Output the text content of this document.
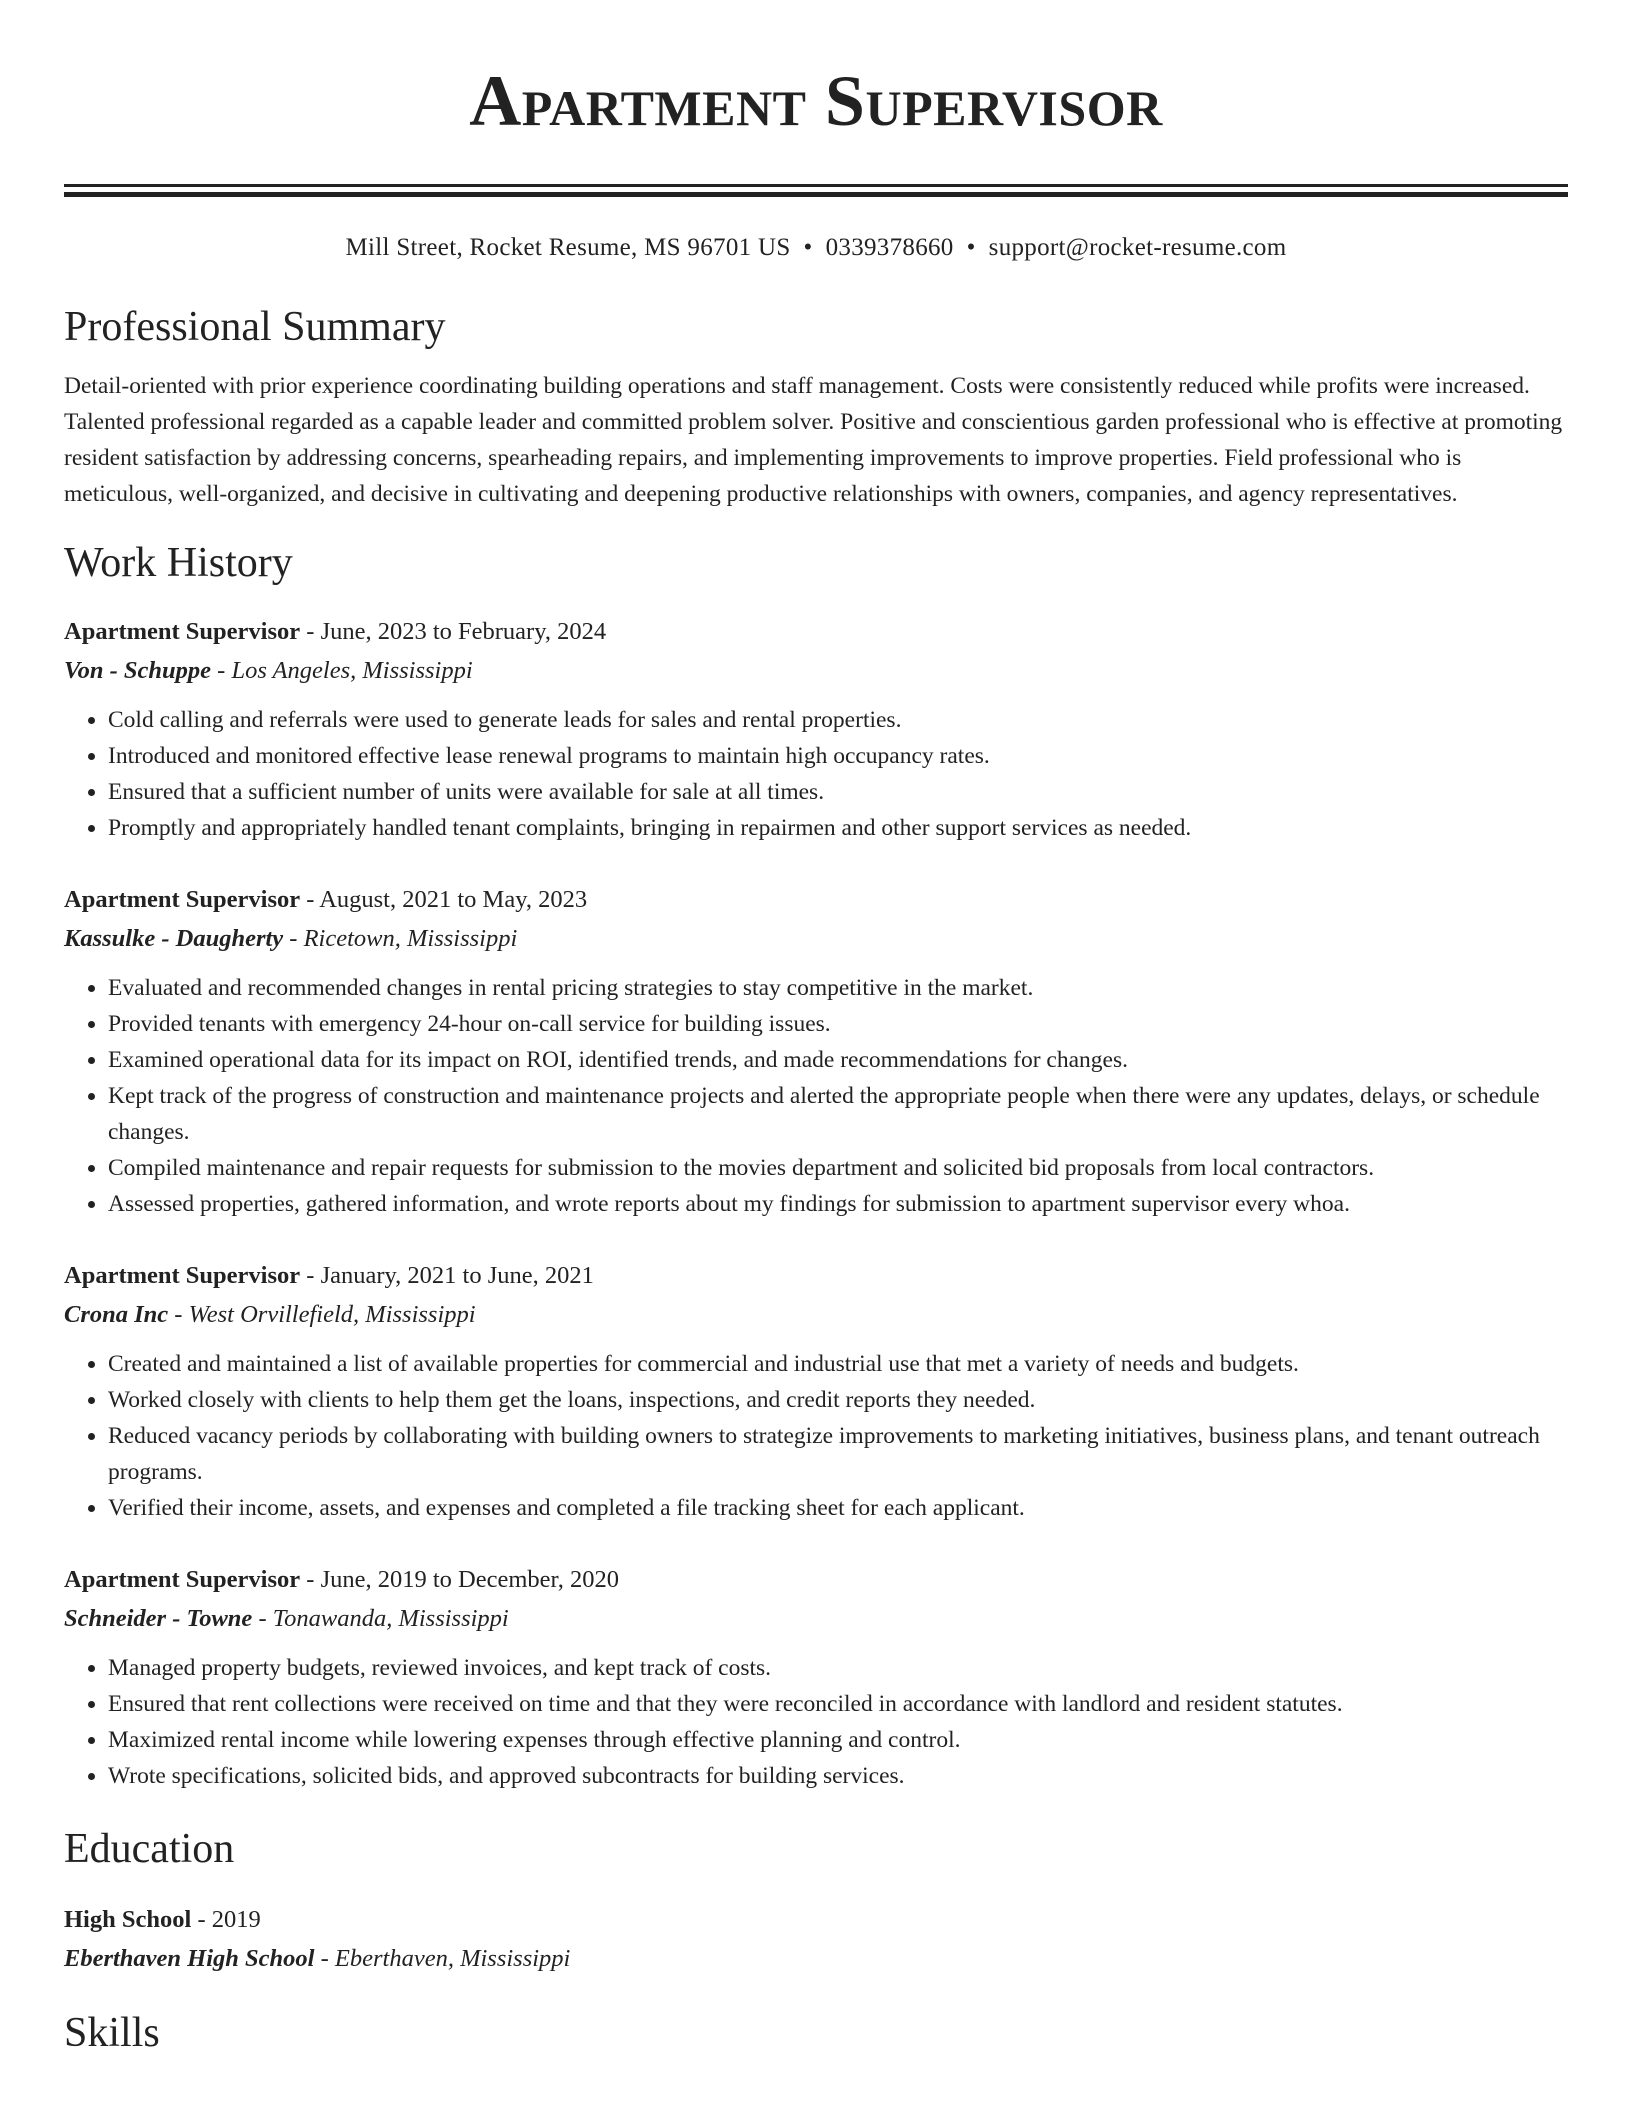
Apartment Supervisor
Mill Street, Rocket Resume, MS 96701 US • 0339378660 • support@rocket-resume.com
Professional Summary

Detail-oriented with prior experience coordinating building operations and staff management. Costs were consistently reduced while profits were increased. Talented professional regarded as a capable leader and committed problem solver. Positive and conscientious garden professional who is effective at promoting resident satisfaction by addressing concerns, spearheading repairs, and implementing improvements to improve properties. Field professional who is meticulous, well-organized, and decisive in cultivating and deepening productive relationships with owners, companies, and agency representatives.

Work History
Apartment Supervisor - June, 2023 to February, 2024
Von - Schuppe - Los Angeles, Mississippi
• Cold calling and referrals were used to generate leads for sales and rental properties.
• Introduced and monitored effective lease renewal programs to maintain high occupancy rates.
• Ensured that a sufficient number of units were available for sale at all times.
• Promptly and appropriately handled tenant complaints, bringing in repairmen and other support services as needed.
Apartment Supervisor - August, 2021 to May, 2023
Kassulke - Daugherty - Ricetown, Mississippi
• Evaluated and recommended changes in rental pricing strategies to stay competitive in the market.
• Provided tenants with emergency 24-hour on-call service for building issues.
• Examined operational data for its impact on ROI, identified trends, and made recommendations for changes.
• Kept track of the progress of construction and maintenance projects and alerted the appropriate people when there were any updates, delays, or schedule changes.
• Compiled maintenance and repair requests for submission to the movies department and solicited bid proposals from local contractors.
• Assessed properties, gathered information, and wrote reports about my findings for submission to apartment supervisor every whoa.
Apartment Supervisor - January, 2021 to June, 2021
Crona Inc - West Orvillefield, Mississippi
• Created and maintained a list of available properties for commercial and industrial use that met a variety of needs and budgets.
• Worked closely with clients to help them get the loans, inspections, and credit reports they needed.
• Reduced vacancy periods by collaborating with building owners to strategize improvements to marketing initiatives, business plans, and tenant outreach programs.
• Verified their income, assets, and expenses and completed a file tracking sheet for each applicant.
Apartment Supervisor - June, 2019 to December, 2020
Schneider - Towne - Tonawanda, Mississippi
• Managed property budgets, reviewed invoices, and kept track of costs.
• Ensured that rent collections were received on time and that they were reconciled in accordance with landlord and resident statutes.
• Maximized rental income while lowering expenses through effective planning and control.
• Wrote specifications, solicited bids, and approved subcontracts for building services.
Education
High School - 2019
Eberthaven High School - Eberthaven, Mississippi
Skills
